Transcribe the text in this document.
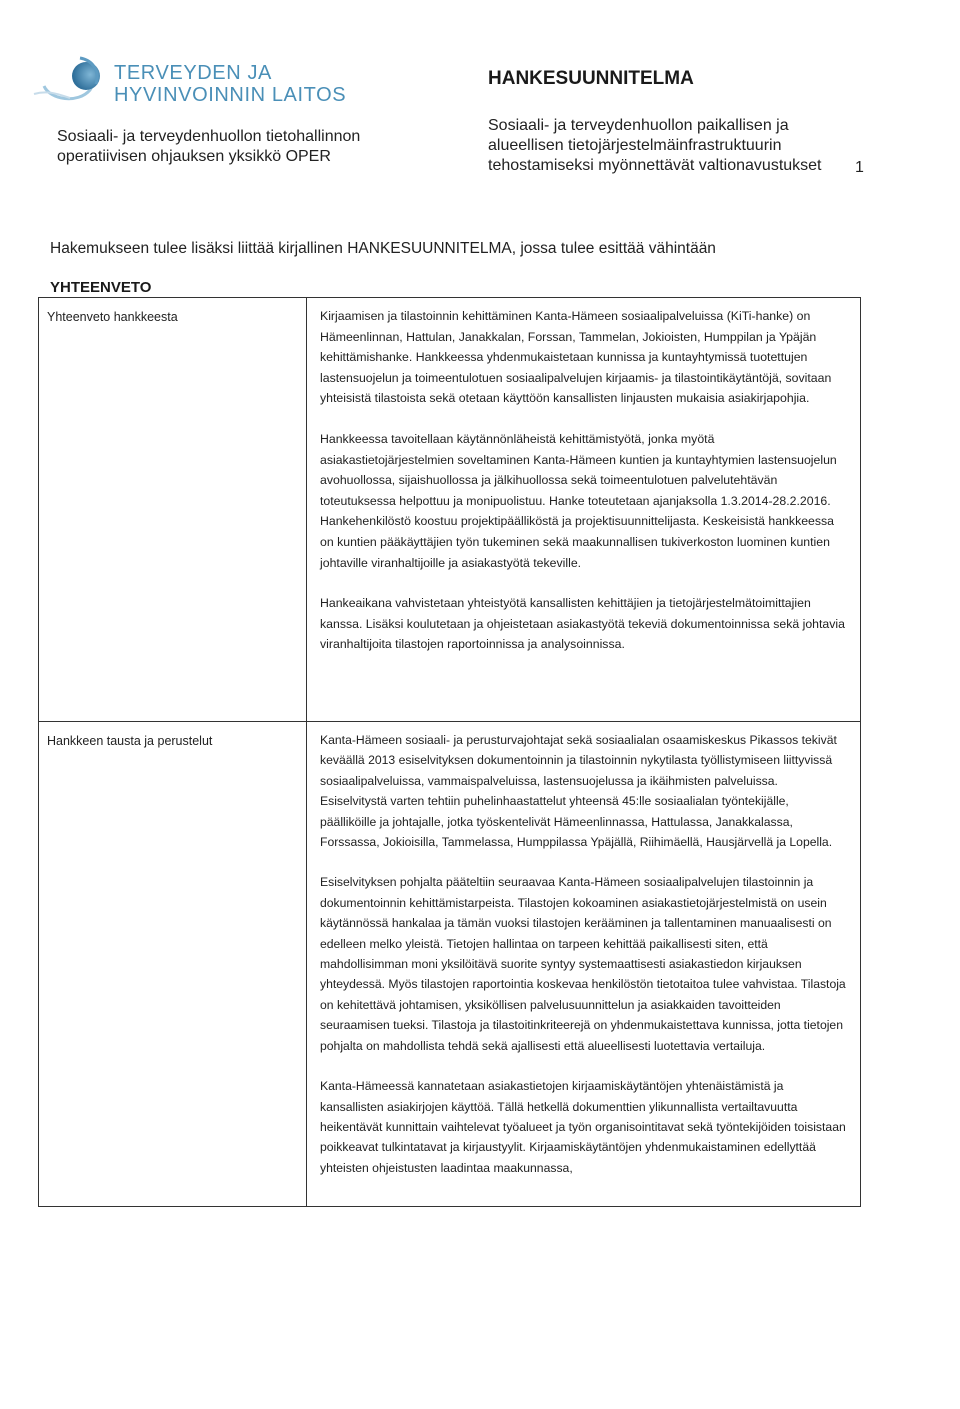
TERVEYDEN JA
HYVINVOINNIN LAITOS
Sosiaali- ja terveydenhuollon tietohallinnon operatiivisen ohjauksen yksikkö OPER
HANKESUUNNITELMA
Sosiaali- ja terveydenhuollon paikallisen ja alueellisen tietojärjestelmäinfrastruktuurin tehostamiseksi myönnettävät valtionavustukset	1
Hakemukseen tulee lisäksi liittää kirjallinen HANKESUUNNITELMA, jossa tulee esittää vähintään
YHTEENVETO
Yhteenveto hankkeesta	Kirjaamisen ja tilastoinnin kehittäminen Kanta-Hämeen sosiaalipalveluissa (KiTi-hanke) on Hämeenlinnan, Hattulan, Janakkalan, Forssan, Tammelan, Jokioisten, Humppilan ja Ypäjän kehittämishanke. Hankkeessa yhdenmukaistetaan kunnissa ja kuntayhtymissä tuotettujen lastensuojelun ja toimeentulotuen sosiaalipalvelujen kirjaamis- ja tilastointikäytäntöjä, sovitaan yhteisistä tilastoista sekä otetaan käyttöön kansallisten linjausten mukaisia asiakirjapohjia.

Hankkeessa tavoitellaan käytännönläheistä kehittämistyötä, jonka myötä asiakastietojärjestelmien soveltaminen Kanta-Hämeen kuntien ja kuntayhtymien lastensuojelun avohuollossa, sijaishuollossa ja jälkihuollossa sekä toimeentulotuen palvelutehtävän toteutuksessa helpottuu ja monipuolistuu. Hanke toteutetaan ajanjaksolla 1.3.2014-28.2.2016. Hankehenkilöstö koostuu projektipäälliköstä ja projektisuunnittelijasta. Keskeisistä hankkeessa on kuntien pääkäyttäjien työn tukeminen sekä maakunnallisen tukiverkoston luominen kuntien johtaville viranhaltijoille ja asiakastyötä tekeville.

Hankeaikana vahvistetaan yhteistyötä kansallisten kehittäjien ja tietojärjestelmätoimittajien kanssa. Lisäksi koulutetaan ja ohjeistetaan asiakastyötä tekeviä dokumentoinnissa sekä johtavia viranhaltijoita tilastojen raportoinnissa ja analysoinnissa.

Hankkeen tausta ja perustelut	Kanta-Hämeen sosiaali- ja perusturvajohtajat sekä sosiaalialan osaamiskeskus Pikassos tekivät keväällä 2013 esiselvityksen dokumentoinnin ja tilastoinnin nykytilasta työllistymiseen liittyvissä sosiaalipalveluissa, vammaispalveluissa, lastensuojelussa ja ikäihmisten palveluissa. Esiselvitystä varten tehtiin puhelinhaastattelut yhteensä 45:lle sosiaalialan työntekijälle, päälliköille ja johtajalle, jotka työskentelivät Hämeenlinnassa, Hattulassa, Janakkalassa, Forssassa, Jokioisilla, Tammelassa, Humppilassa Ypäjällä, Riihimäellä, Hausjärvellä ja Lopella.

Esiselvityksen pohjalta pääteltiin seuraavaa Kanta-Hämeen sosiaalipalvelujen tilastoinnin ja dokumentoinnin kehittämistarpeista. Tilastojen kokoaminen asiakastietojärjestelmistä on usein käytännössä hankalaa ja tämän vuoksi tilastojen kerääminen ja tallentaminen manuaalisesti on edelleen melko yleistä. Tietojen hallintaa on tarpeen kehittää paikallisesti siten, että mahdollisimman moni yksilöitävä suorite syntyy systemaattisesti asiakastiedon kirjauksen yhteydessä. Myös tilastojen raportointia koskevaa henkilöstön tietotaitoa tulee vahvistaa. Tilastoja on kehitettävä johtamisen, yksiköllisen palvelusuunnittelun ja asiakkaiden tavoitteiden seuraamisen tueksi. Tilastoja ja tilastoitinkriteerejä on yhdenmukaistettava kunnissa, jotta tietojen pohjalta on mahdollista tehdä sekä ajallisesti että alueellisesti luotettavia vertailuja.

Kanta-Hämeessä kannatetaan asiakastietojen kirjaamiskäytäntöjen yhtenäistämistä ja kansallisten asiakirjojen käyttöä. Tällä hetkellä dokumenttien ylikunnallista vertailtavuutta heikentävät kunnittain vaihtelevat työalueet ja työn organisointitavat sekä työntekijöiden toisistaan poikkeavat tulkintatavat ja kirjaustyylit. Kirjaamiskäytäntöjen yhdenmukaistaminen edellyttää yhteisten ohjeistusten laadintaa maakunnassa,
